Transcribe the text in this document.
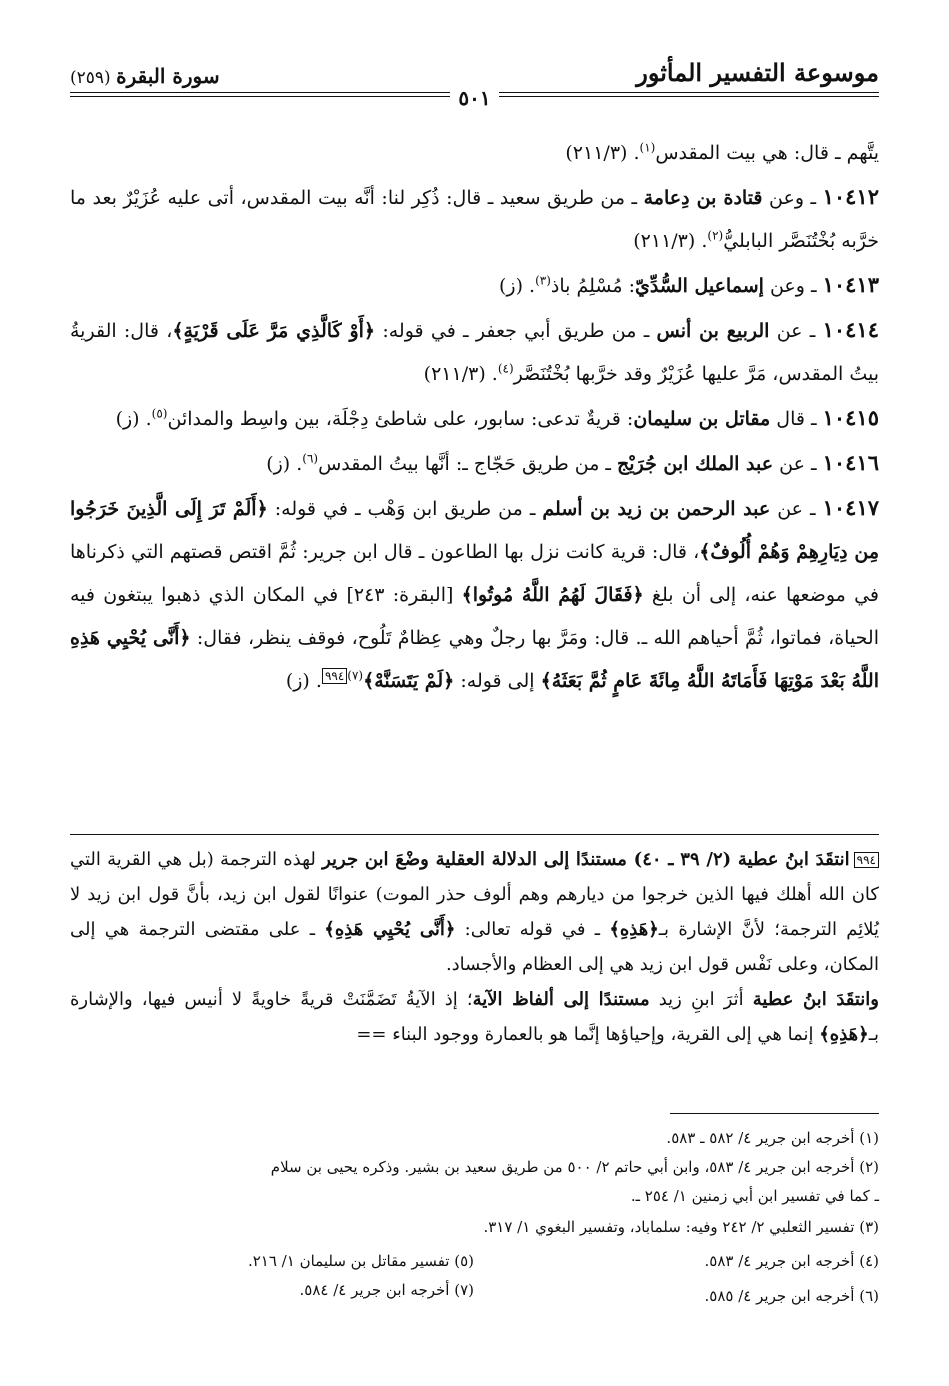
موسوعة التفسير المأثور
سورة البقرة (٢٥٩)
٥٠١

يتَّهم ـ قال: هي بيت المقدس$^{(١)}$. (٢١١/٣)

١٠٤١٢ ـ وعن قتادة بن دِعامة ـ من طريق سعيد ـ قال: ذُكِر لنا: أنَّه بيت المقدس، أتى عليه عُزَيْرٌ بعد ما خرَّبه بُخْتُنَصَّر البابليُّ$^{(٢)}$. (٢١١/٣)

١٠٤١٣ ـ وعن إسماعيل السُّدِّيّ: مُسْلِمُ باذ$^{(٣)}$. (ز)

١٠٤١٤ ـ عن الربيع بن أنس ـ من طريق أبي جعفر ـ في قوله: ﴿أَوْ كَالَّذِي مَرَّ عَلَى قَرْيَةٍ﴾، قال: القريةُ بيتُ المقدس، مَرَّ عليها عُزَيْرٌ وقد خرَّبها بُخْتُنَصَّر$^{(٤)}$. (٢١١/٣)

١٠٤١٥ ـ قال مقاتل بن سليمان: قريةٌ تدعى: سابور، على شاطئ دِجْلَة، بين واسِط والمدائن$^{(٥)}$. (ز)

١٠٤١٦ ـ عن عبد الملك ابن جُرَيْج ـ من طريق حَجّاج ـ: أنَّها بيتُ المقدس$^{(٦)}$. (ز)

١٠٤١٧ ـ عن عبد الرحمن بن زيد بن أسلم ـ من طريق ابن وَهْب ـ في قوله: ﴿أَلَمْ تَرَ إِلَى الَّذِينَ خَرَجُوا مِن دِيَارِهِمْ وَهُمْ أُلُوفٌ﴾، قال: قرية كانت نزل بها الطاعون ـ قال ابن جرير: ثُمَّ اقتص قصتهم التي ذكرناها في موضعها عنه، إلى أن بلغ ﴿فَقَالَ لَهُمُ اللَّهُ مُوتُوا﴾ [البقرة: ٢٤٣] في المكان الذي ذهبوا يبتغون فيه الحياة، فماتوا، ثُمَّ أحياهم الله ـ. قال: ومَرَّ بها رجلٌ وهي عِظامٌ تَلُوح، فوقف ينظر، فقال: ﴿أَنَّى يُحْيِي هَذِهِ اللَّهُ بَعْدَ مَوْتِهَا فَأَمَاتَهُ اللَّهُ مِائَةَ عَامٍ ثُمَّ بَعَثَهُ﴾ إلى قوله: ﴿لَمْ يَتَسَنَّهْ﴾$^{(٧)}$٩٩٤. (ز)

٩٩٤انتقَدَ ابنُ عطية (٢/ ٣٩ ـ ٤٠) مستندًا إلى الدلالة العقلية وضْعَ ابن جرير لهذه الترجمة (بل هي القرية التي كان الله أهلك فيها الذين خرجوا من ديارهم وهم ألوف حذر الموت) عنوانًا لقول ابن زيد، بأنَّ قول ابن زيد لا يُلائِم الترجمة؛ لأنَّ الإشارة بـ﴿هَذِهِ﴾ ـ في قوله تعالى: ﴿أَنَّى يُحْيِي هَذِهِ﴾ ـ على مقتضى الترجمة هي إلى المكان، وعلى نَفْس قول ابن زيد هي إلى العظام والأجساد.

وانتقَدَ ابنُ عطية أثرَ ابنِ زيد مستندًا إلى ألفاظ الآية؛ إذ الآيةُ تَضَمَّنَتْ قريةً خاويةً لا أنيس فيها، والإشارة بـ﴿هَذِهِ﴾ إنما هي إلى القرية، وإحياؤها إنَّما هو بالعمارة ووجود البناء ==

(١) أخرجه ابن جرير ٤/ ٥٨٢ ـ ٥٨٣.
(٢) أخرجه ابن جرير ٤/ ٥٨٣، وابن أبي حاتم ٢/ ٥٠٠ من طريق سعيد بن بشير. وذكره يحيى بن سلام
ـ كما في تفسير ابن أبي زمنين ١/ ٢٥٤ ـ.
(٣) تفسير الثعلبي ٢/ ٢٤٢ وفيه: سلماباد، وتفسير البغوي ١/ ٣١٧.
(٤) أخرجه ابن جرير ٤/ ٥٨٣.
(٥) تفسير مقاتل بن سليمان ١/ ٢١٦.
(٦) أخرجه ابن جرير ٤/ ٥٨٥.
(٧) أخرجه ابن جرير ٤/ ٥٨٤.
